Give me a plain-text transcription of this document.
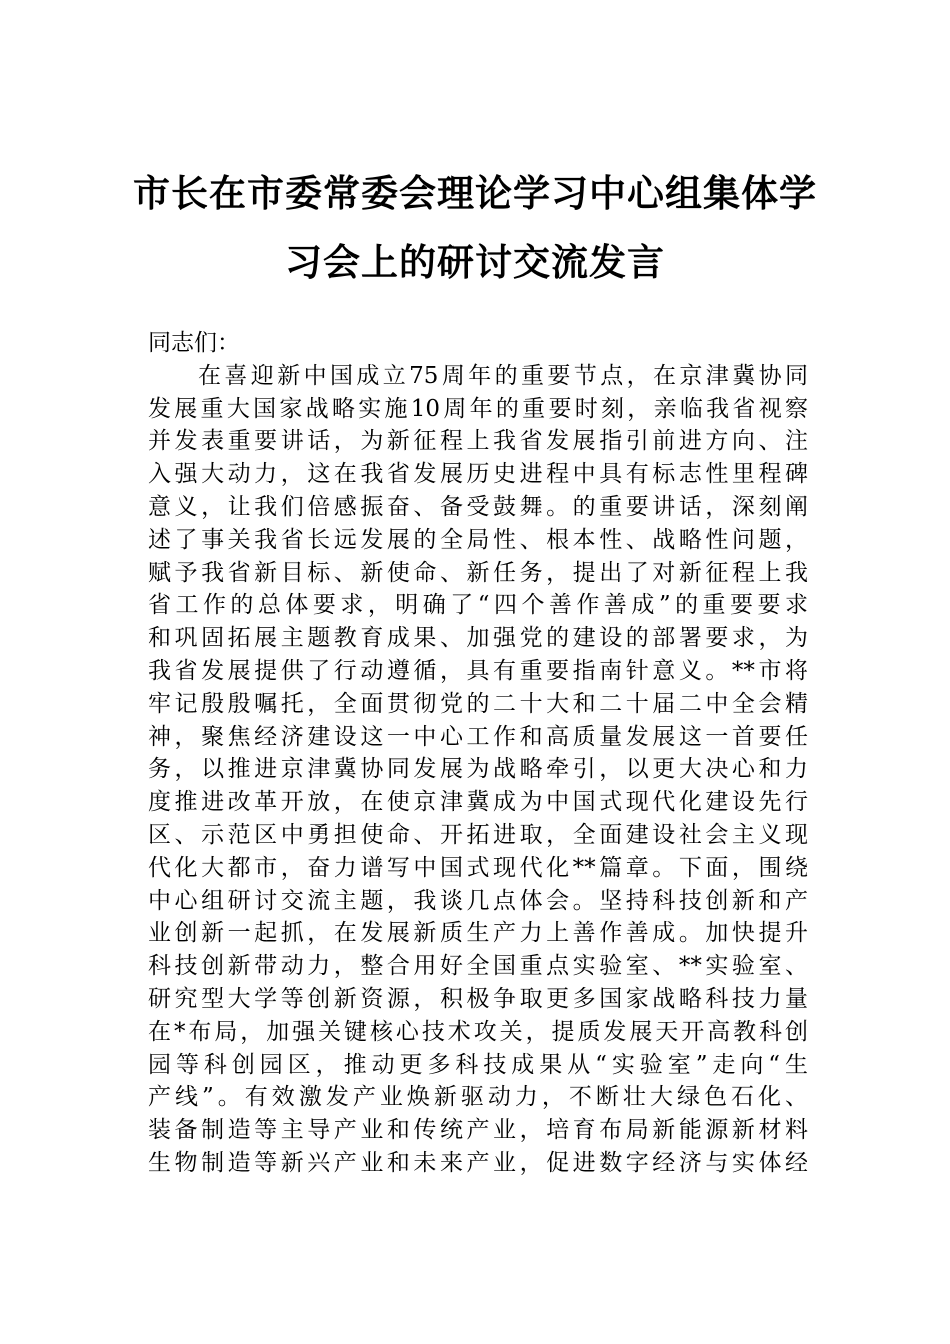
市长在市委常委会理论学习中心组集体学
习会上的研讨交流发言
同志们：
在喜迎新中国成立75周年的重要节点，在京津冀协同
发展重大国家战略实施10周年的重要时刻，亲临我省视察
并发表重要讲话，为新征程上我省发展指引前进方向、注
入强大动力，这在我省发展历史进程中具有标志性里程碑
意义，让我们倍感振奋、备受鼓舞。的重要讲话，深刻阐
述了事关我省长远发展的全局性、根本性、战略性问题，
赋予我省新目标、新使命、新任务，提出了对新征程上我
省工作的总体要求，明确了“四个善作善成”的重要要求
和巩固拓展主题教育成果、加强党的建设的部署要求，为
我省发展提供了行动遵循，具有重要指南针意义。**市将
牢记殷殷嘱托，全面贯彻党的二十大和二十届二中全会精
神，聚焦经济建设这一中心工作和高质量发展这一首要任
务，以推进京津冀协同发展为战略牵引，以更大决心和力
度推进改革开放，在使京津冀成为中国式现代化建设先行
区、示范区中勇担使命、开拓进取，全面建设社会主义现
代化大都市，奋力谱写中国式现代化**篇章。下面，围绕
中心组研讨交流主题，我谈几点体会。坚持科技创新和产
业创新一起抓，在发展新质生产力上善作善成。加快提升
科技创新带动力，整合用好全国重点实验室、**实验室、
研究型大学等创新资源，积极争取更多国家战略科技力量
在*布局，加强关键核心技术攻关，提质发展天开高教科创
园等科创园区，推动更多科技成果从“实验室”走向“生
产线”。有效激发产业焕新驱动力，不断壮大绿色石化、
装备制造等主导产业和传统产业，培育布局新能源新材料
生物制造等新兴产业和未来产业，促进数字经济与实体经
